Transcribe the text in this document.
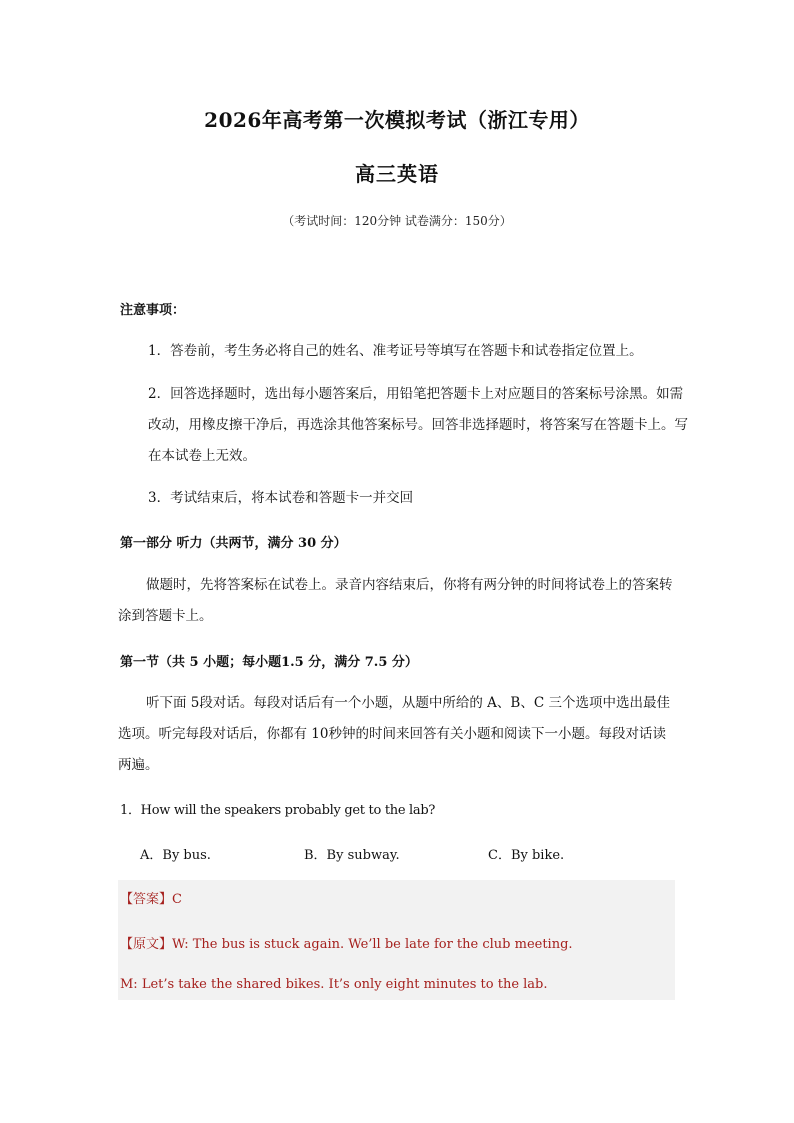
2026年高考第一次模拟考试（浙江专用）
高三英语
（考试时间：120分钟 试卷满分：150分）
注意事项：
1．答卷前，考生务必将自己的姓名、准考证号等填写在答题卡和试卷指定位置上。
2．回答选择题时，选出每小题答案后，用铅笔把答题卡上对应题目的答案标号涂黑。如需改动，用橡皮擦干净后，再选涂其他答案标号。回答非选择题时，将答案写在答题卡上。写在本试卷上无效。
3．考试结束后，将本试卷和答题卡一并交回
第一部分 听力（共两节，满分 30 分）
做题时，先将答案标在试卷上。录音内容结束后，你将有两分钟的时间将试卷上的答案转涂到答题卡上。
第一节（共 5 小题；每小题1.5 分，满分 7.5 分）
听下面 5段对话。每段对话后有一个小题，从题中所给的 A、B、C 三个选项中选出最佳选项。听完每段对话后，你都有 10秒钟的时间来回答有关小题和阅读下一小题。每段对话读两遍。
1．How will the speakers probably get to the lab?
A．By bus.	B．By subway.	C．By bike.
【答案】C
【原文】W: The bus is stuck again. We’ll be late for the club meeting.
M: Let’s take the shared bikes. It’s only eight minutes to the lab.
